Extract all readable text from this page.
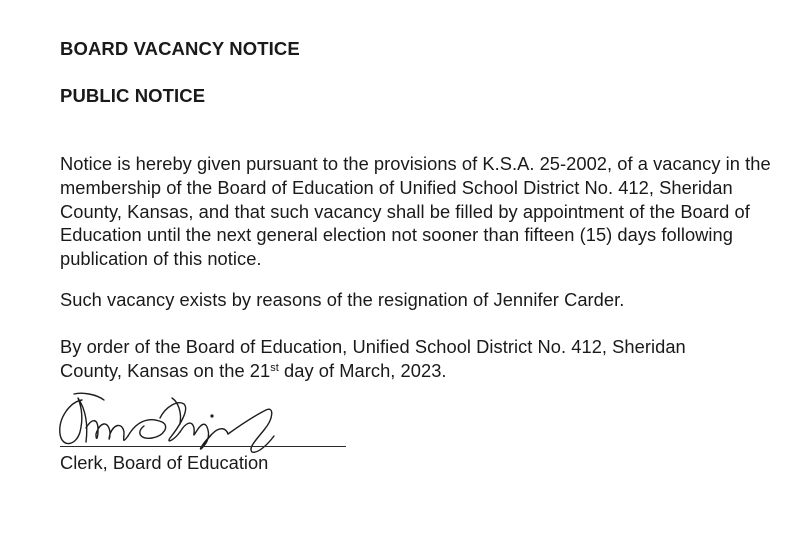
BOARD VACANCY NOTICE
PUBLIC NOTICE

Notice is hereby given pursuant to the provisions of K.S.A. 25-2002, of a vacancy in the membership of the Board of Education of Unified School District No. 412, Sheridan County, Kansas, and that such vacancy shall be filled by appointment of the Board of Education until the next general election not sooner than fifteen (15) days following publication of this notice.

Such vacancy exists by reasons of the resignation of Jennifer Carder.

By order of the Board of Education, Unified School District No. 412, Sheridan
County, Kansas on the 21st day of March, 2023.

Clerk, Board of Education
